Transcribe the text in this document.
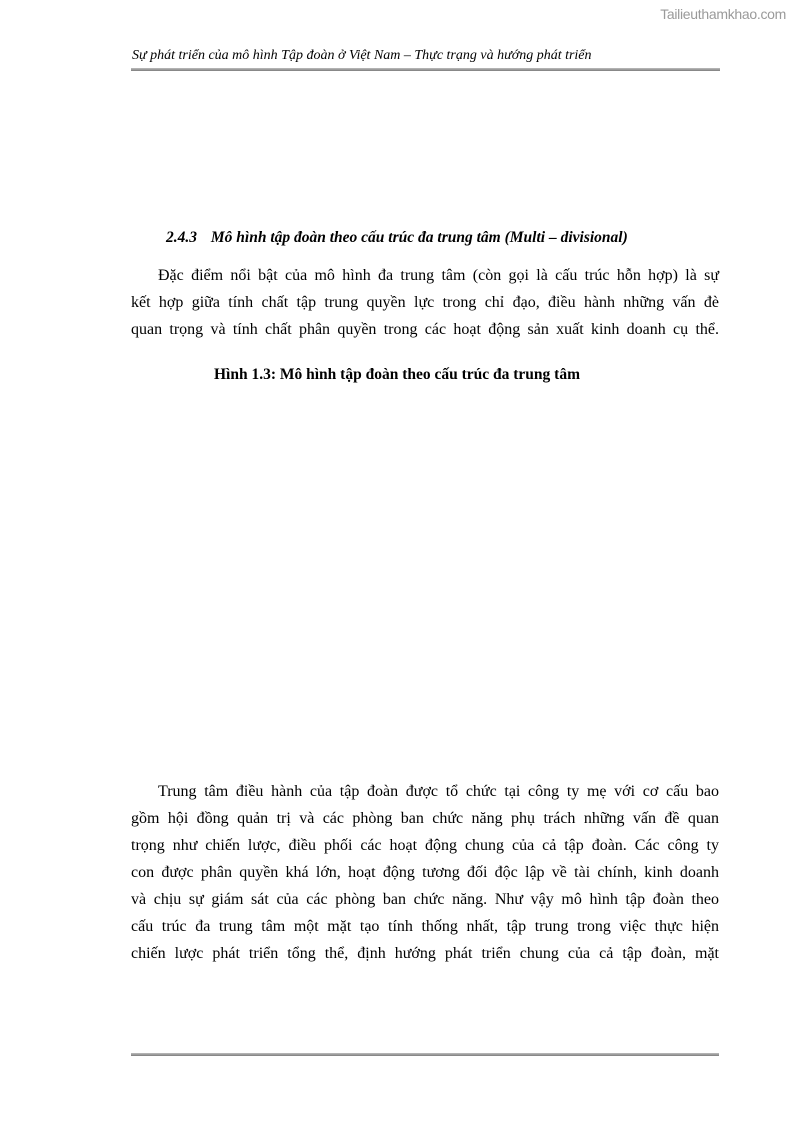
Tailieuthamkhao.com
Sự phát triển của mô hình Tập đoàn ở Việt Nam – Thực trạng và hướng phát triển
2.4.3 Mô hình tập đoàn theo cấu trúc đa trung tâm (Multi – divisional)
Đặc điểm nổi bật của mô hình đa trung tâm (còn gọi là cấu trúc hỗn hợp) là sự
kết hợp giữa tính chất tập trung quyền lực trong chỉ đạo, điều hành những vấn đè
quan trọng và tính chất phân quyền trong các hoạt động sản xuất kinh doanh cụ thể.
Hình 1.3: Mô hình tập đoàn theo cấu trúc đa trung tâm
Trung tâm điều hành của tập đoàn được tổ chức tại công ty mẹ với cơ cấu bao
gồm hội đồng quản trị và các phòng ban chức năng phụ trách những vấn đề quan
trọng như chiến lược, điều phối các hoạt động chung của cả tập đoàn. Các công ty
con được phân quyền khá lớn, hoạt động tương đối độc lập về tài chính, kinh doanh
và chịu sự giám sát của các phòng ban chức năng. Như vậy mô hình tập đoàn theo
cấu trúc đa trung tâm một mặt tạo tính thống nhất, tập trung trong việc thực hiện
chiến lược phát triển tổng thể, định hướng phát triển chung của cả tập đoàn, mặt
